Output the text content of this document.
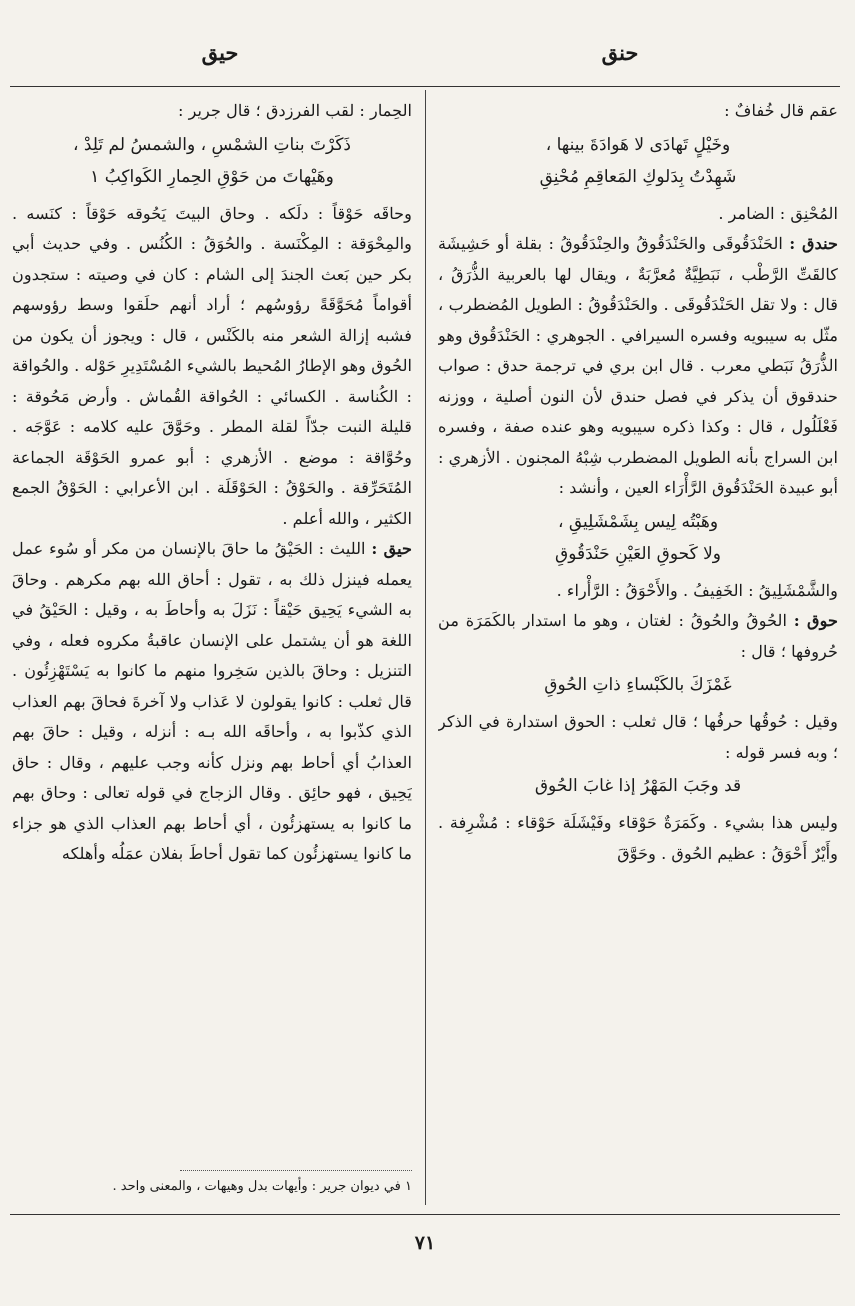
حنق
حيق

عقم قال خُفافٌ :

وخَيْلٍ تَهادَى لا هَوادَةَ بينها ،
شَهِدْتُ بِدَلوكِ المَعاقِمِ مُحْنِقِ

المُحْنِق : الضامر .

حندق : الحَنْدَقُوقَى والحَنْدَقُوقُ والحِنْدَقُوقُ : بقلة أو حَشِيشَة كالقَتِّ الرَّطْب ، نَبَطِيَّةٌ مُعرَّبَةٌ ، ويقال لها بالعربية الذُّرَقُ ، قال : ولا تقل الحَنْدَقُوقَى . والحَنْدَقُوقُ : الطويل المُضطرب ، مثّل به سيبويه وفسره السيرافي . الجوهري : الحَنْدَقُوق وهو الذُّرَقُ نَبَطي معرب . قال ابن بري في ترجمة حدق : صواب حندقوق أن يذكر في فصل حندق لأن النون أصلية ، ووزنه فَعْلَلُول ، قال : وكذا ذكره سيبويه وهو عنده صفة ، وفسره ابن السراج بأنه الطويل المضطرب شِبْهُ المجنون . الأزهري : أبو عبيدة الحَنْدَقُوق الرَّأْرَاء العين ، وأنشد :

وهَبْتُه لِيس بِشَمْشَلِيقِ ،
ولا كَحوقِ العَيْنِ حَنْدَقُوقِ

والشَّمْشَلِيقُ : الخَفِيفُ . والأَحْوَقُ : الرَّأْراء .

حوق : الحُوقُ والحُوقُ : لغتان ، وهو ما استدار بالكَمَرَة من حُروفها ؛ قال :

غَمْزَكَ بالكَبْساءِ ذاتِ الحُوقِ

وقيل : حُوقُها حرفُها ؛ قال ثعلب : الحوق استدارة في الذكر ؛ وبه فسر قوله :

قد وجَبَ المَهْرُ إذا غابَ الحُوق

وليس هذا بشيء . وكَمَرَةٌ حَوْقاء وفَيْشَلَة حَوْقاء : مُشْرِفة . وأَيْرٌ أَحْوَقُ : عظيم الحُوق . وحَوَّقَ

الحِمار : لقب الفرزدق ؛ قال جرير :

ذَكَرْتَ بناتِ الشمْسِ ، والشمسُ لم تَلِدْ ،
وهَيْهاتَ من حَوْقِ الحِمارِ الكَواكِبُ ١

وحاقَه حَوْقاً : دلَكه . وحاق البيتَ يَحُوقه حَوْقاً : كنَسه . والمِحْوَقة : المِكْنَسة . والحُوَقُ : الكُنُس . وفي حديث أبي بكر حين بَعث الجندَ إلى الشام : كان في وصيته : ستجدون أقواماً مُحَوَّقَةً رؤوسُهم ؛ أراد أنهم حلَقوا وسط رؤوسهم فشبه إزالة الشعر منه بالكَنْس ، قال : ويجوز أن يكون من الحُوق وهو الإطارُ المُحيط بالشيء المُسْتَدِيرِ حَوْله . والحُواقة : الكُناسة . الكسائي : الحُواقة القُماش . وأرض مَحُوقة : قليلة النبت جدّاً لقلة المطر . وحَوَّقَ عليه كلامه : عَوَّجَه . وحُوَّاقة : موضع . الأزهري : أبو عمرو الحَوْقَة الجماعة المُتَحَرِّقة . والحَوْقُ : الحَوْقَلَة . ابن الأعرابي : الحَوْقُ الجمع الكثير ، والله أعلم .

حيق : الليث : الحَيْقُ ما حاقَ بالإنسان من مكر أو سُوء عمل يعمله فينزل ذلك به ، تقول : أحاق الله بهم مكرهم . وحاقَ به الشيء يَحِيق حَيْقاً : نَزَلَ به وأحاطَ به ، وقيل : الحَيْقُ في اللغة هو أن يشتمل على الإنسان عاقبةُ مكروه فعله ، وفي التنزيل : وحاقَ بالذين سَخِروا منهم ما كانوا به يَسْتَهْزِئُون . قال ثعلب : كانوا يقولون لا عَذاب ولا آخرةَ فحاقَ بهم العذاب الذي كذّبوا به ، وأحاقَه الله بـه : أنزله ، وقيل : حاقَ بهم العذابُ أي أحاط بهم ونزل كأنه وجب عليهم ، وقال : حاق يَحِيق ، فهو حائِق . وقال الزجاج في قوله تعالى : وحاق بهم ما كانوا به يستهزئُون ، أي أحاط بهم العذاب الذي هو جزاء ما كانوا يستهزئُون كما تقول أحاطَ بفلان عمَلُه وأهلكه

١ في ديوان جرير : وأيهات بدل وهيهات ، والمعنى واحد .
٧١
